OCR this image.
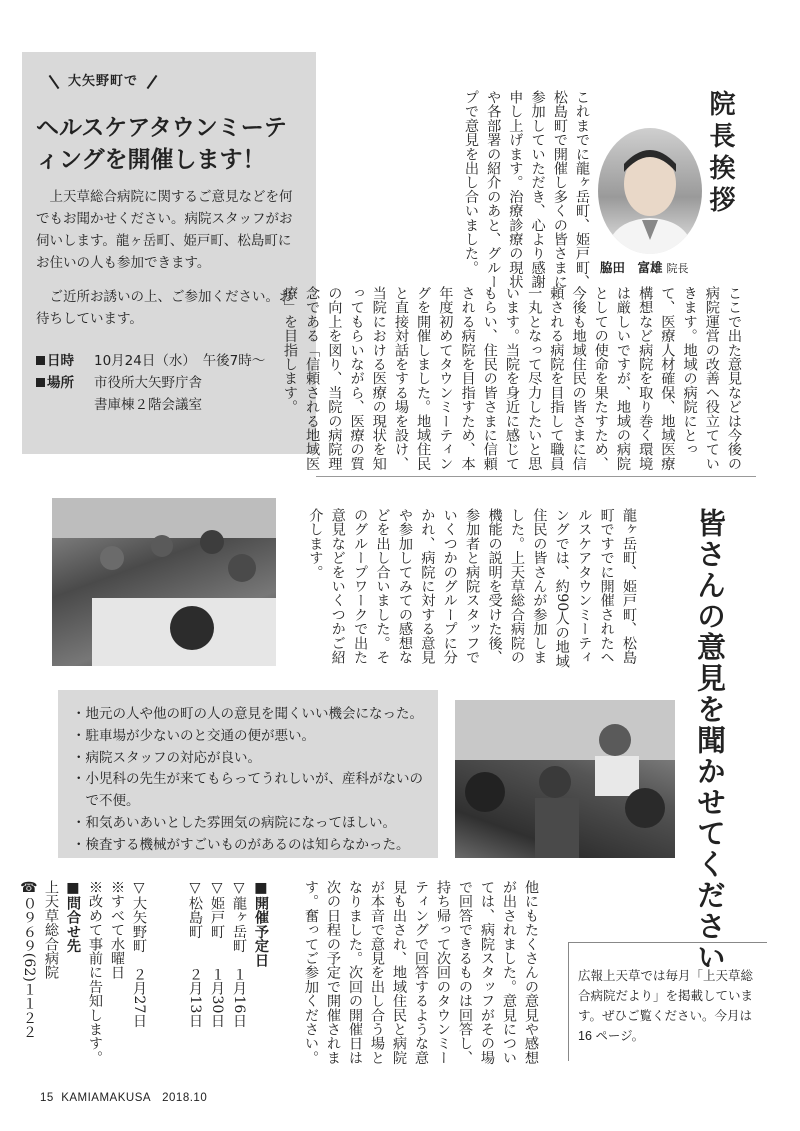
大矢野町で
ヘルスケアタウンミーティングを開催します！

上天草総合病院に関するご意見などを何でもお聞かせください。病院スタッフがお伺いします。龍ヶ岳町、姫戸町、松島町にお住いの人も参加できます。

ご近所お誘いの上、ご参加ください。お待ちしています。

日時 10月24日（水）　午後7時～
場所 市役所大矢野庁舎
書庫棟２階会議室
院長挨拶
脇田　富雄 院長
これまでに龍ヶ岳町、姫戸町、松島町で開催し多くの皆さまに参加していただき、心より感謝申し上げます。治療診療の現状や各部署の紹介のあと、グループで意見を出し合いました。
ここで出た意見などは今後の病院運営の改善へ役立てていきます。地域の病院にとって、医療人材確保、地域医療構想など病院を取り巻く環境は厳しいですが、地域の病院としての使命を果たすため、今後も地域住民の皆さまに信頼される病院を目指して職員一丸となって尽力したいと思います。当院を身近に感じてもらい、住民の皆さまに信頼される病院を目指すため、本年度初めてタウンミーティングを開催しました。地域住民と直接対話をする場を設け、当院における医療の現状を知ってもらいながら、医療の質の向上を図り、当院の病院理念である「信頼される地域医療」を目指します。
皆さんの意見を聞かせてください
龍ヶ岳町、姫戸町、松島町ですでに開催されたヘルスケアタウンミーティングでは、約90人の地域住民の皆さんが参加しました。上天草総合病院の機能の説明を受けた後、参加者と病院スタッフでいくつかのグループに分かれ、病院に対する意見や参加してみての感想などを出し合いました。そのグループワークで出た意見などをいくつかご紹介します。
・地元の人や他の町の人の意見を聞くいい機会になった。
・駐車場が少ないのと交通の便が悪い。
・病院スタッフの対応が良い。
・小児科の先生が来てもらってうれしいが、産科がないので不便。
・和気あいあいとした雰囲気の病院になってほしい。
・検査する機械がすごいものがあるのは知らなかった。
他にもたくさんの意見や感想が出されました。意見については、病院スタッフがその場で回答できるものは回答し、持ち帰って次回のタウンミーティングで回答するような意見も出され、地域住民と病院が本音で意見を出し合う場となりました。次回の開催日は次の日程の予定で開催されます。奮ってご参加ください。
■開催予定日
▽龍ヶ岳町　１月16日
▽姫戸町　　１月30日
▽松島町　　２月13日
▽大矢野町　２月27日
※すべて水曜日
※改めて事前に告知します。
■問合せ先
上天草総合病院
☎０９６９(62)１１２２	広報上天草では毎月「上天草総合病院だより」を掲載しています。ぜひご覧ください。今月は 16 ページ。
15 KAMIAMAKUSA 2018.10
